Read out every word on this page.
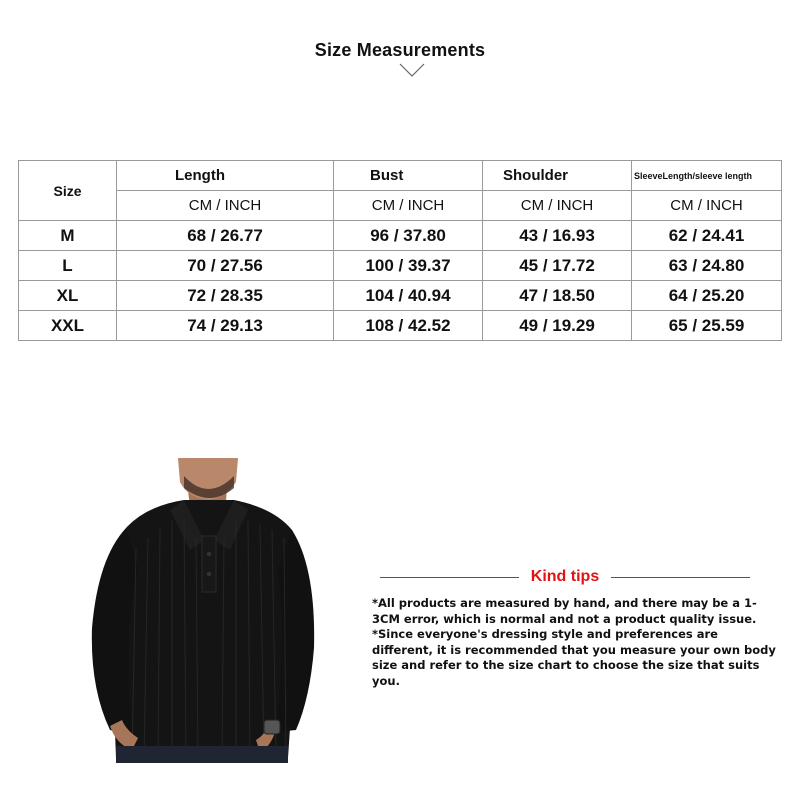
Size Measurements
Size	Length	Bust	Shoulder	SleeveLength/sleeve length
	CM / INCH	CM / INCH	CM / INCH	CM / INCH
M	68 / 26.77	96 / 37.80	43 / 16.93	62 / 24.41
L	70 / 27.56	100 / 39.37	45 / 17.72	63 / 24.80
XL	72 / 28.35	104 / 40.94	47 / 18.50	64 / 25.20
XXL	74 / 29.13	108 / 42.52	49 / 19.29	65 / 25.59
Kind tips
*All products are measured by hand, and there may be a 1-3CM error, which is normal and not a product quality issue. *Since everyone's dressing style and preferences are different, it is recommended that you measure your own body size and refer to the size chart to choose the size that suits you.
